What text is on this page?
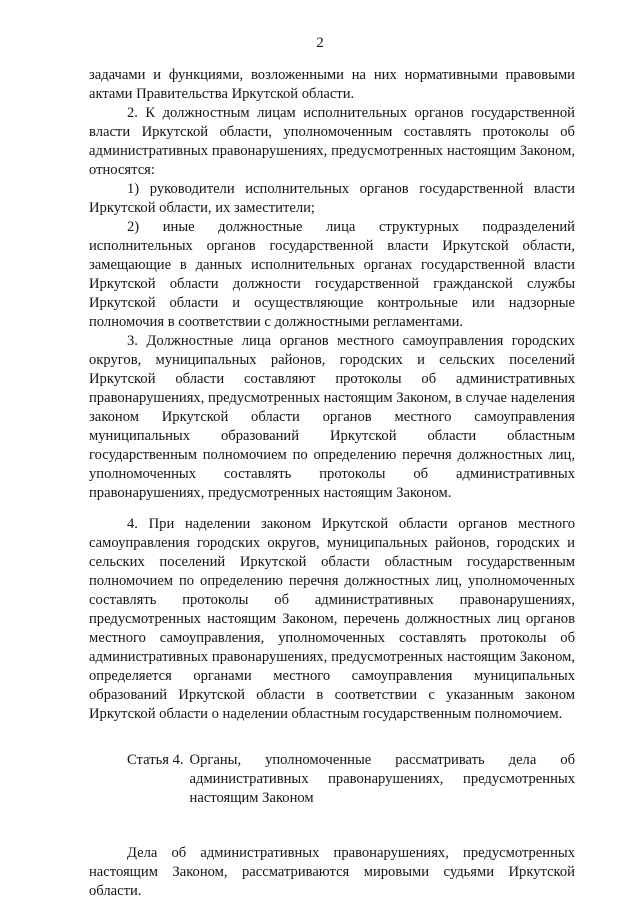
2

задачами и функциями, возложенными на них нормативными правовыми актами Правительства Иркутской области.

2. К должностным лицам исполнительных органов государственной власти Иркутской области, уполномоченным составлять протоколы об административных правонарушениях, предусмотренных настоящим Законом, относятся:

1) руководители исполнительных органов государственной власти Иркутской области, их заместители;

2) иные должностные лица структурных подразделений исполнительных органов государственной власти Иркутской области, замещающие в данных исполнительных органах государственной власти Иркутской области должности государственной гражданской службы Иркутской области и осуществляющие контрольные или надзорные полномочия в соответствии с должностными регламентами.

3. Должностные лица органов местного самоуправления городских округов, муниципальных районов, городских и сельских поселений Иркутской области составляют протоколы об административных правонарушениях, предусмотренных настоящим Законом, в случае наделения законом Иркутской области органов местного самоуправления муниципальных образований Иркутской области областным государственным полномочием по определению перечня должностных лиц, уполномоченных составлять протоколы об административных правонарушениях, предусмотренных настоящим Законом.

4. При наделении законом Иркутской области органов местного самоуправления городских округов, муниципальных районов, городских и сельских поселений Иркутской области областным государственным полномочием по определению перечня должностных лиц, уполномоченных составлять протоколы об административных правонарушениях, предусмотренных настоящим Законом, перечень должностных лиц органов местного самоуправления, уполномоченных составлять протоколы об административных правонарушениях, предусмотренных настоящим Законом, определяется органами местного самоуправления муниципальных образований Иркутской области в соответствии с указанным законом Иркутской области о наделении областным государственным полномочием.

Статья 4. Органы, уполномоченные рассматривать дела об административных правонарушениях, предусмотренных настоящим Законом

Дела об административных правонарушениях, предусмотренных настоящим Законом, рассматриваются мировыми судьями Иркутской области.
